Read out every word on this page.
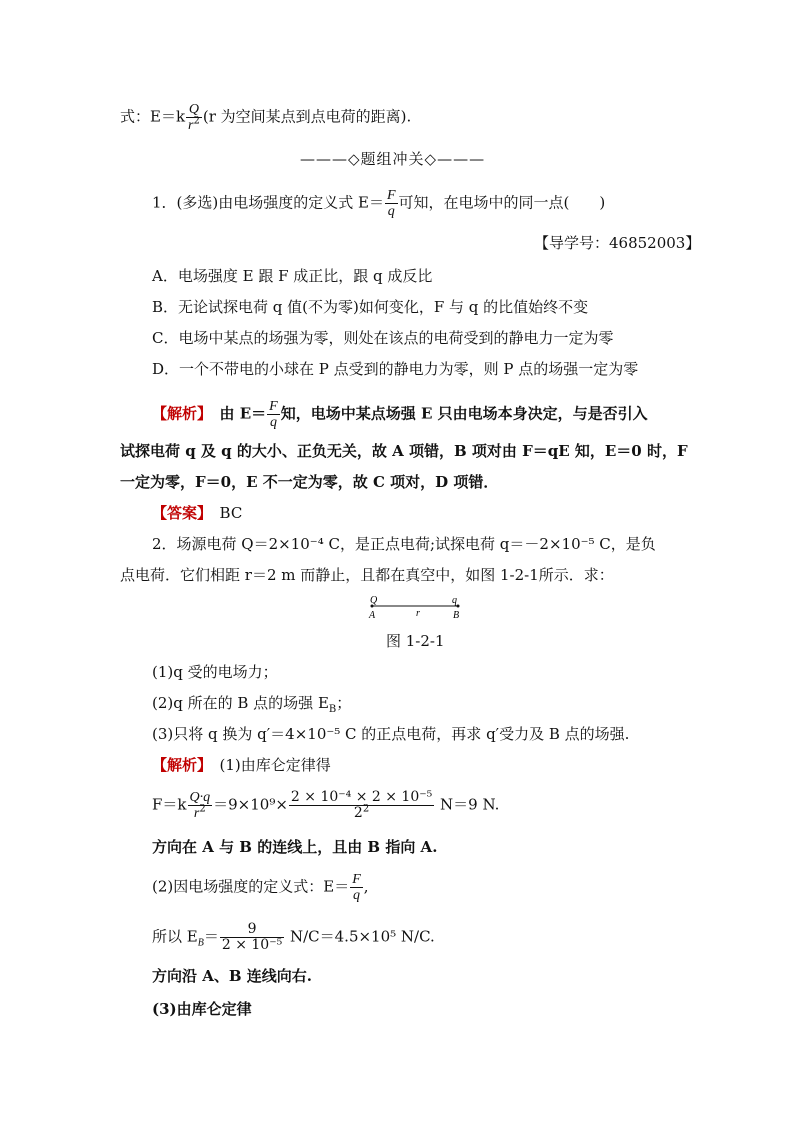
式：$E=k \frac{Q}{r^2} (r$ 为空间某点到点电荷的距离).
———◇题组冲关◇———
1．(多选)由电场强度的定义式 $E= \frac{F}{q}$ 可知，在电场中的同一点(　　)
【导学号：46852003】
A．电场强度 E 跟 F 成正比，跟 q 成反比
B．无论试探电荷 q 值(不为零)如何变化，F 与 q 的比值始终不变
C．电场中某点的场强为零，则处在该点的电荷受到的静电力一定为零
D．一个不带电的小球在 P 点受到的静电力为零，则 P 点的场强一定为零
【解析】　由 $E= \frac{F}{q}$ 知，电场中某点场强 E 只由电场本身决定，与是否引入
试探电荷 q 及 q 的大小、正负无关，故 A 项错，B 项对由 F＝qE 知，E＝0 时，F
一定为零，F＝0，E 不一定为零，故 C 项对，D 项错．
【答案】　BC
2．场源电荷 Q＝2×10⁻⁴ C，是正点电荷;试探电荷 q＝－2×10⁻⁵ C，是负
点电荷．它们相距 r＝2 m 而静止，且都在真空中，如图 1-2-1所示．求：
Q	q
A	r	B
图 1-2-1
(1)q 受的电场力；
(2)q 所在的 B 点的场强 $E_B$；
(3)只将 q 换为 q′＝4×10⁻⁵ C 的正点电荷，再求 q′受力及 B 点的场强.
【解析】　(1)由库仑定律得
$F=k \frac{Q\cdot q}{r^2} =9\times 10^9\times \frac{\text{2 × 10⁻⁴ × 2 × 10⁻⁵}}{2^2} N=9$ N.
方向在 A 与 B 的连线上，且由 B 指向 A.
(2)因电场强度的定义式：$E= \frac{F}{q}$ ,
所以 $E_B= \frac{9}{\text{2 × 10⁻⁵}} N/C=4.5\times 10^5$ N/C.
方向沿 A、B 连线向右.
(3)由库仑定律
